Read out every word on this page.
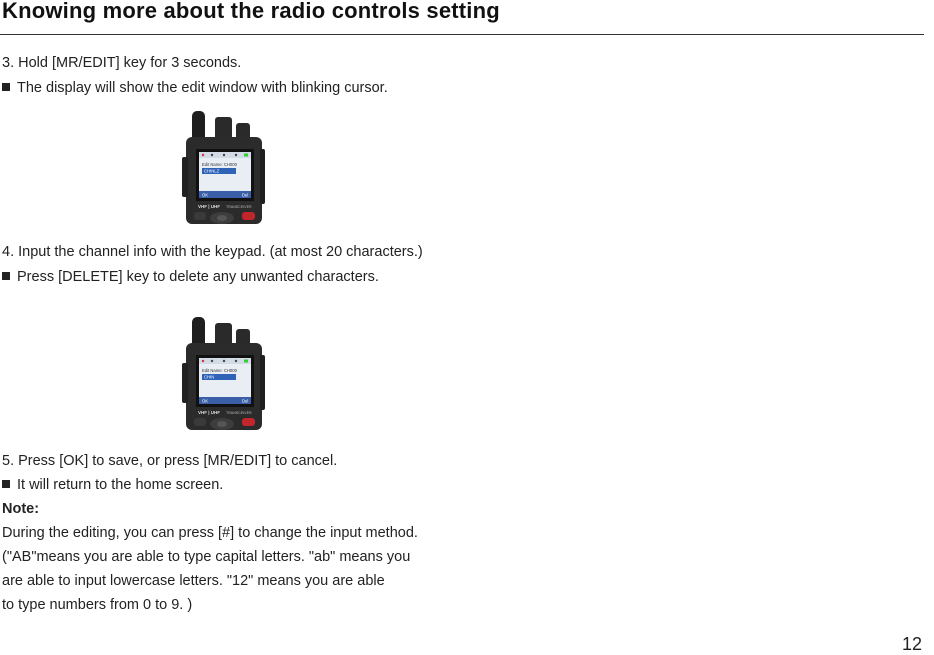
Knowing more about the radio controls setting
3. Hold [MR/EDIT] key for 3 seconds.
The display will show the edit window with blinking cursor.
Edit Name: CH000
CHINLZ
OK	Del
VHF | UHF TRANSCEIVER
4. Input the channel info with the keypad. (at most 20 characters.)
Press [DELETE] key to delete any unwanted characters.
Edit Name: CH000
CHIN
OK	Del
VHF | UHF TRANSCEIVER
5. Press [OK] to save, or press [MR/EDIT] to cancel.
It will return to the home screen.
Note:
During the editing, you can press [#] to change the input method.
("AB"means you are able to type capital letters. "ab" means you
are able to input lowercase letters. "12" means you are able
to type numbers from 0 to 9. )
12
